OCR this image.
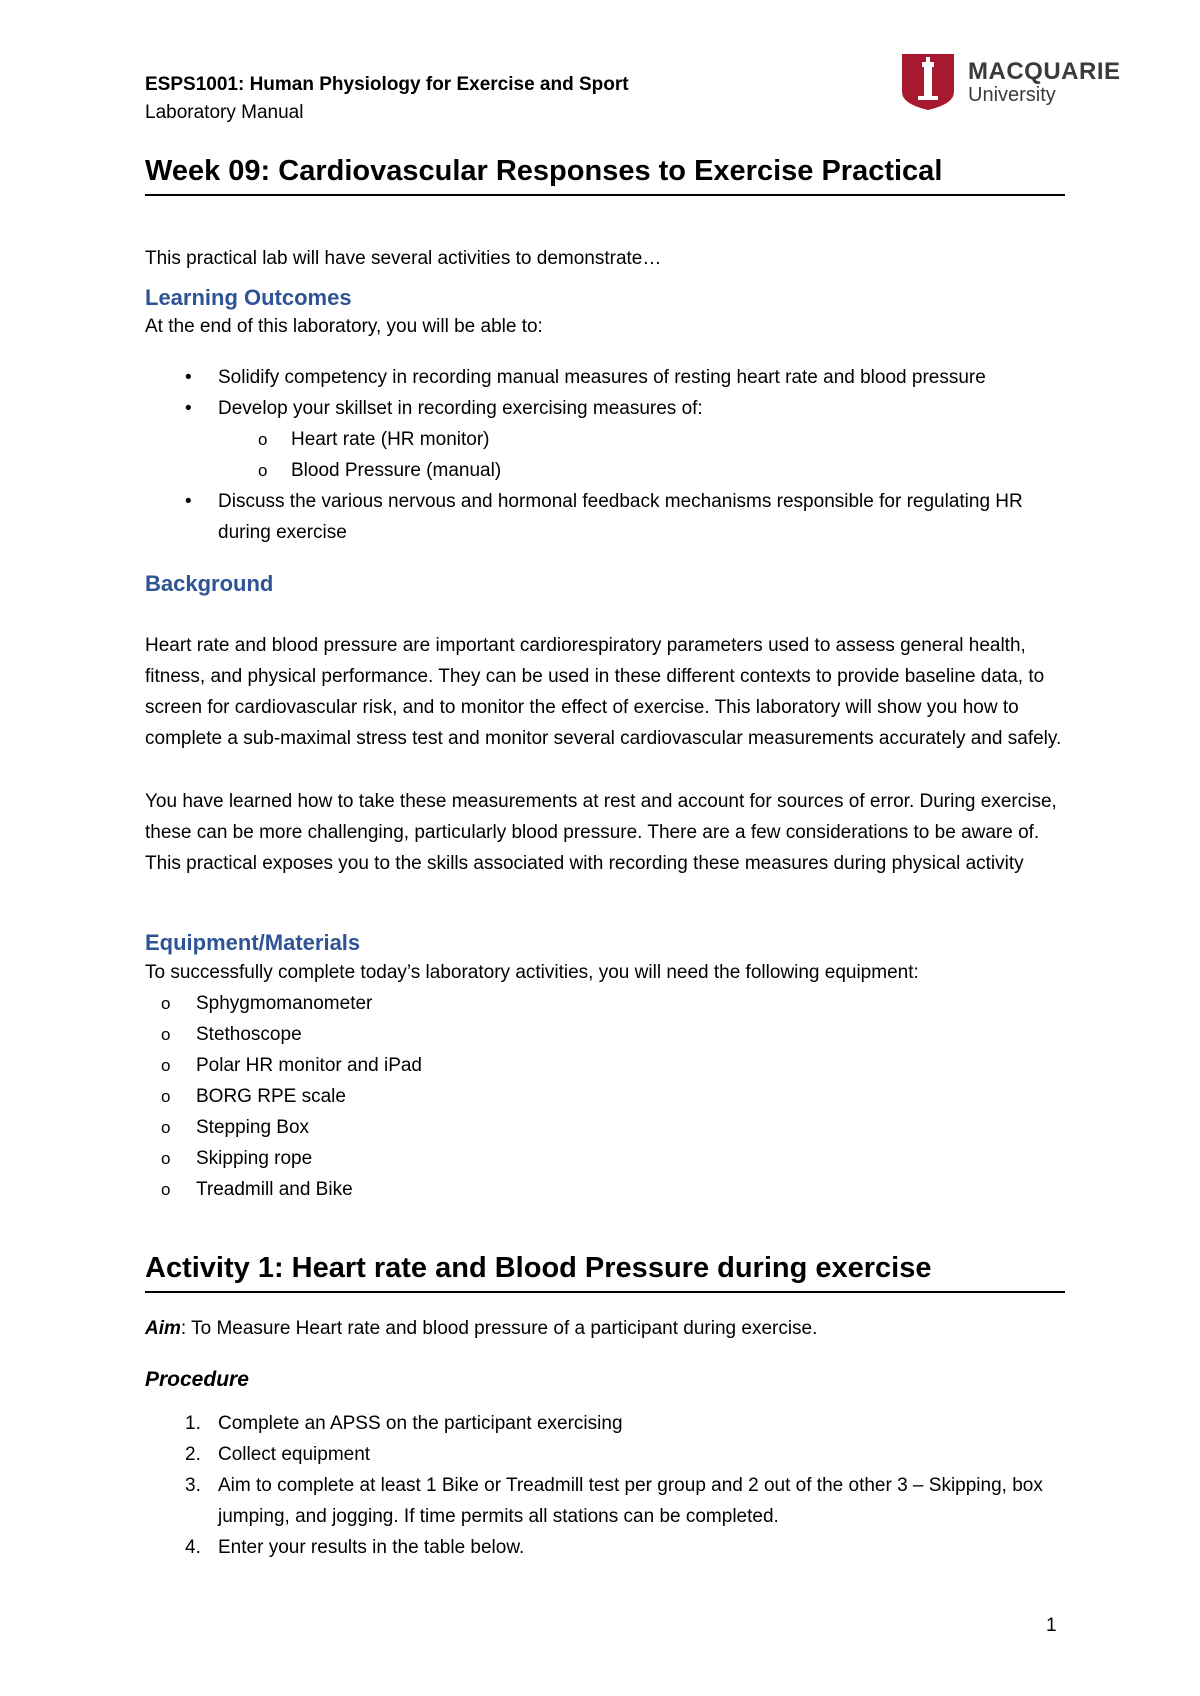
ESPS1001: Human Physiology for Exercise and Sport
Laboratory Manual
MACQUARIE
University
Week 09: Cardiovascular Responses to Exercise Practical

This practical lab will have several activities to demonstrate…

Learning Outcomes

At the end of this laboratory, you will be able to:

• Solidify competency in recording manual measures of resting heart rate and blood pressure
• Develop your skillset in recording exercising measures of:
o Heart rate (HR monitor)
o Blood Pressure (manual)
• Discuss the various nervous and hormonal feedback mechanisms responsible for regulating HR during exercise
Background

Heart rate and blood pressure are important cardiorespiratory parameters used to assess general health, fitness, and physical performance. They can be used in these different contexts to provide baseline data, to screen for cardiovascular risk, and to monitor the effect of exercise. This laboratory will show you how to complete a sub-maximal stress test and monitor several cardiovascular measurements accurately and safely.

You have learned how to take these measurements at rest and account for sources of error. During exercise, these can be more challenging, particularly blood pressure. There are a few considerations to be aware of. This practical exposes you to the skills associated with recording these measures during physical activity

Equipment/Materials

To successfully complete today’s laboratory activities, you will need the following equipment:

o Sphygmomanometer
o Stethoscope
o Polar HR monitor and iPad
o BORG RPE scale
o Stepping Box
o Skipping rope
o Treadmill and Bike
Activity 1: Heart rate and Blood Pressure during exercise

Aim: To Measure Heart rate and blood pressure of a participant during exercise.

Procedure
1. Complete an APSS on the participant exercising
2. Collect equipment
3. Aim to complete at least 1 Bike or Treadmill test per group and 2 out of the other 3 – Skipping, box jumping, and jogging. If time permits all stations can be completed.
4. Enter your results in the table below.
1
